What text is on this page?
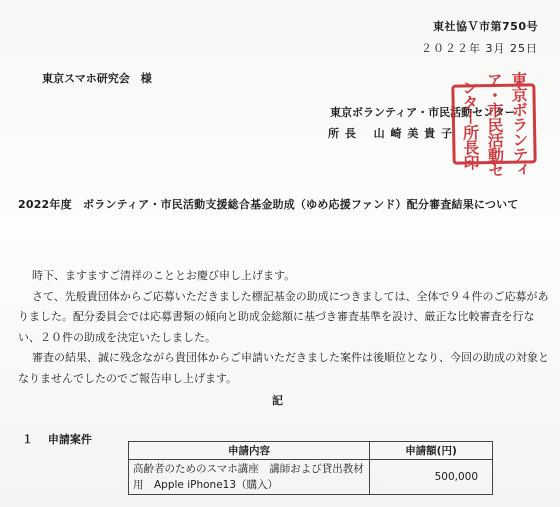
東社協Ｖ市第750号
２０２２年 3月 25日
東京スマホ研究会　様
東京ボランティア・市民活動センター
所 長　 山 崎 美 貴 子	東京ボランティ
ア・市民活動セ
ンター所長印
2022年度　ボランティア・市民活動支援総合基金助成（ゆめ応援ファンド）配分審査結果について

時下、ますますご清祥のこととお慶び申し上げます。

さて、先般貴団体からご応募いただきました標記基金の助成につきましては、全体で９４件のご応募がありました。配分委員会では応募書類の傾向と助成金総額に基づき審査基準を設け、厳正な比較審査を行ない、２０件の助成を決定いたしました。

審査の結果、誠に残念ながら貴団体からご申請いただきました案件は後順位となり、今回の助成の対象となりませんでしたのでご報告申し上げます。

記
１　 申請案件
申請内容	申請額(円)
高齢者のためのスマホ講座　講師および貸出教材用　Apple iPhone13（購入）	500,000
